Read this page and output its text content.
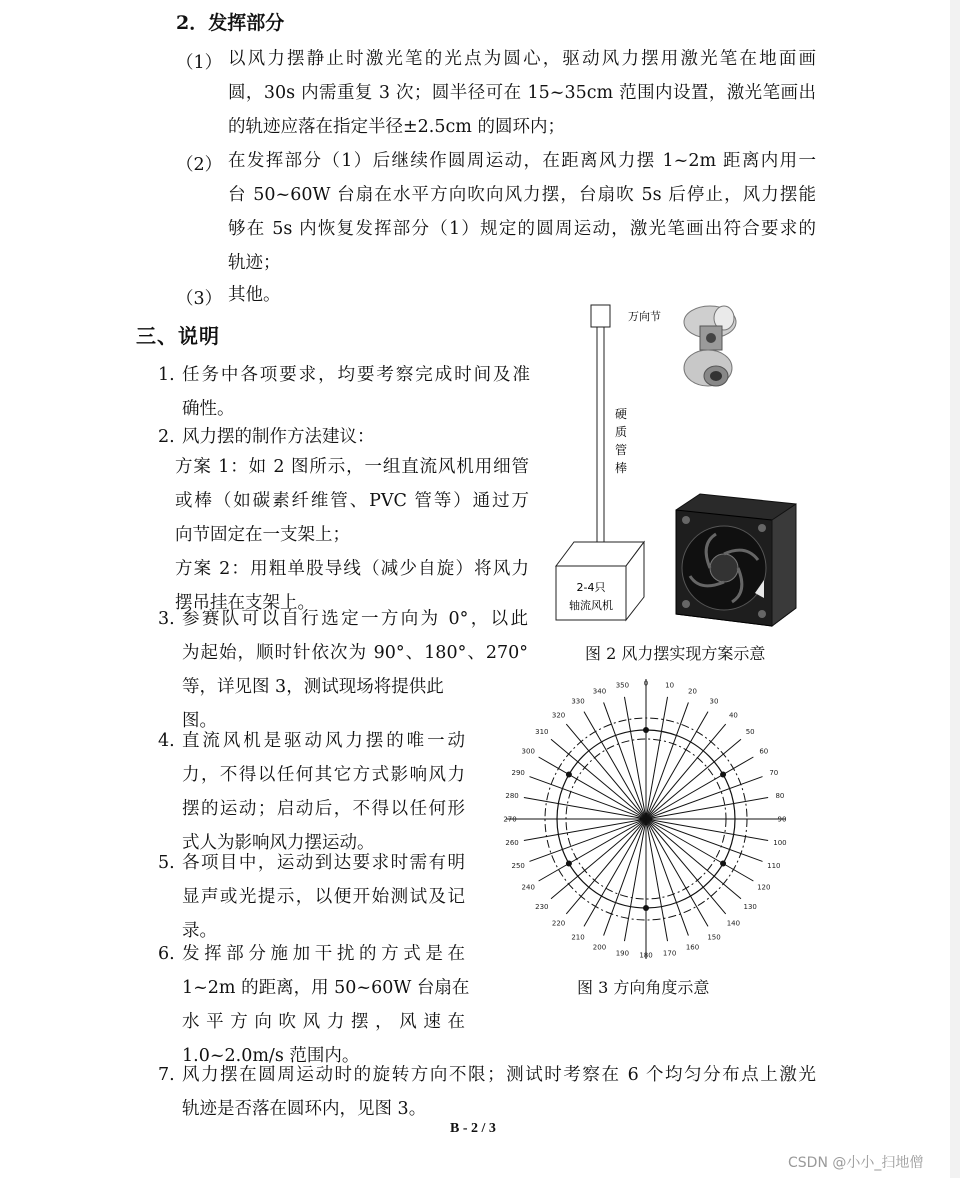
2．发挥部分
（1） 以风力摆静止时激光笔的光点为圆心，驱动风力摆用激光笔在地面画
圆，30s 内需重复 3 次；圆半径可在 15~35cm 范围内设置，激光笔画出
的轨迹应落在指定半径±2.5cm 的圆环内；
（2） 在发挥部分（1）后继续作圆周运动，在距离风力摆 1~2m 距离内用一
台 50~60W 台扇在水平方向吹向风力摆，台扇吹 5s 后停止，风力摆能
够在 5s 内恢复发挥部分（1）规定的圆周运动，激光笔画出符合要求的
轨迹；
（3） 其他。
三、说明
1. 任务中各项要求，均要考察完成时间及准
确性。
2. 风力摆的制作方法建议：
方案 1：如 2 图所示，一组直流风机用细管
或棒（如碳素纤维管、PVC 管等）通过万
向节固定在一支架上；
方案 2：用粗单股导线（减少自旋）将风力
摆吊挂在支架上。
3. 参赛队可以自行选定一方向为 0°，以此
为起始，顺时针依次为 90°、180°、270°
等，详见图 3，测试现场将提供此
图。
4. 直流风机是驱动风力摆的唯一动
力，不得以任何其它方式影响风力
摆的运动；启动后，不得以任何形
式人为影响风力摆运动。
5. 各项目中，运动到达要求时需有明
显声或光提示，以便开始测试及记
录。
6. 发挥部分施加干扰的方式是在
1~2m 的距离，用 50~60W 台扇在
水平方向吹风力摆，风速在
1.0~2.0m/s 范围内。
7. 风力摆在圆周运动时的旋转方向不限；测试时考察在 6 个均匀分布点上激光
轨迹是否落在圆环内，见图 3。
硬
质
管
棒
2-4只
轴流风机
万向节
图 2 风力摆实现方案示意
0 10
20
30
40
50
60
70
80
90
100
110
120
130
140
150
160
170
180
190
200
210
220
230
240
250
260
270
280
290
300
310
320
330
340
350
图 3 方向角度示意
B - 2 / 3
CSDN @小小_扫地僧
